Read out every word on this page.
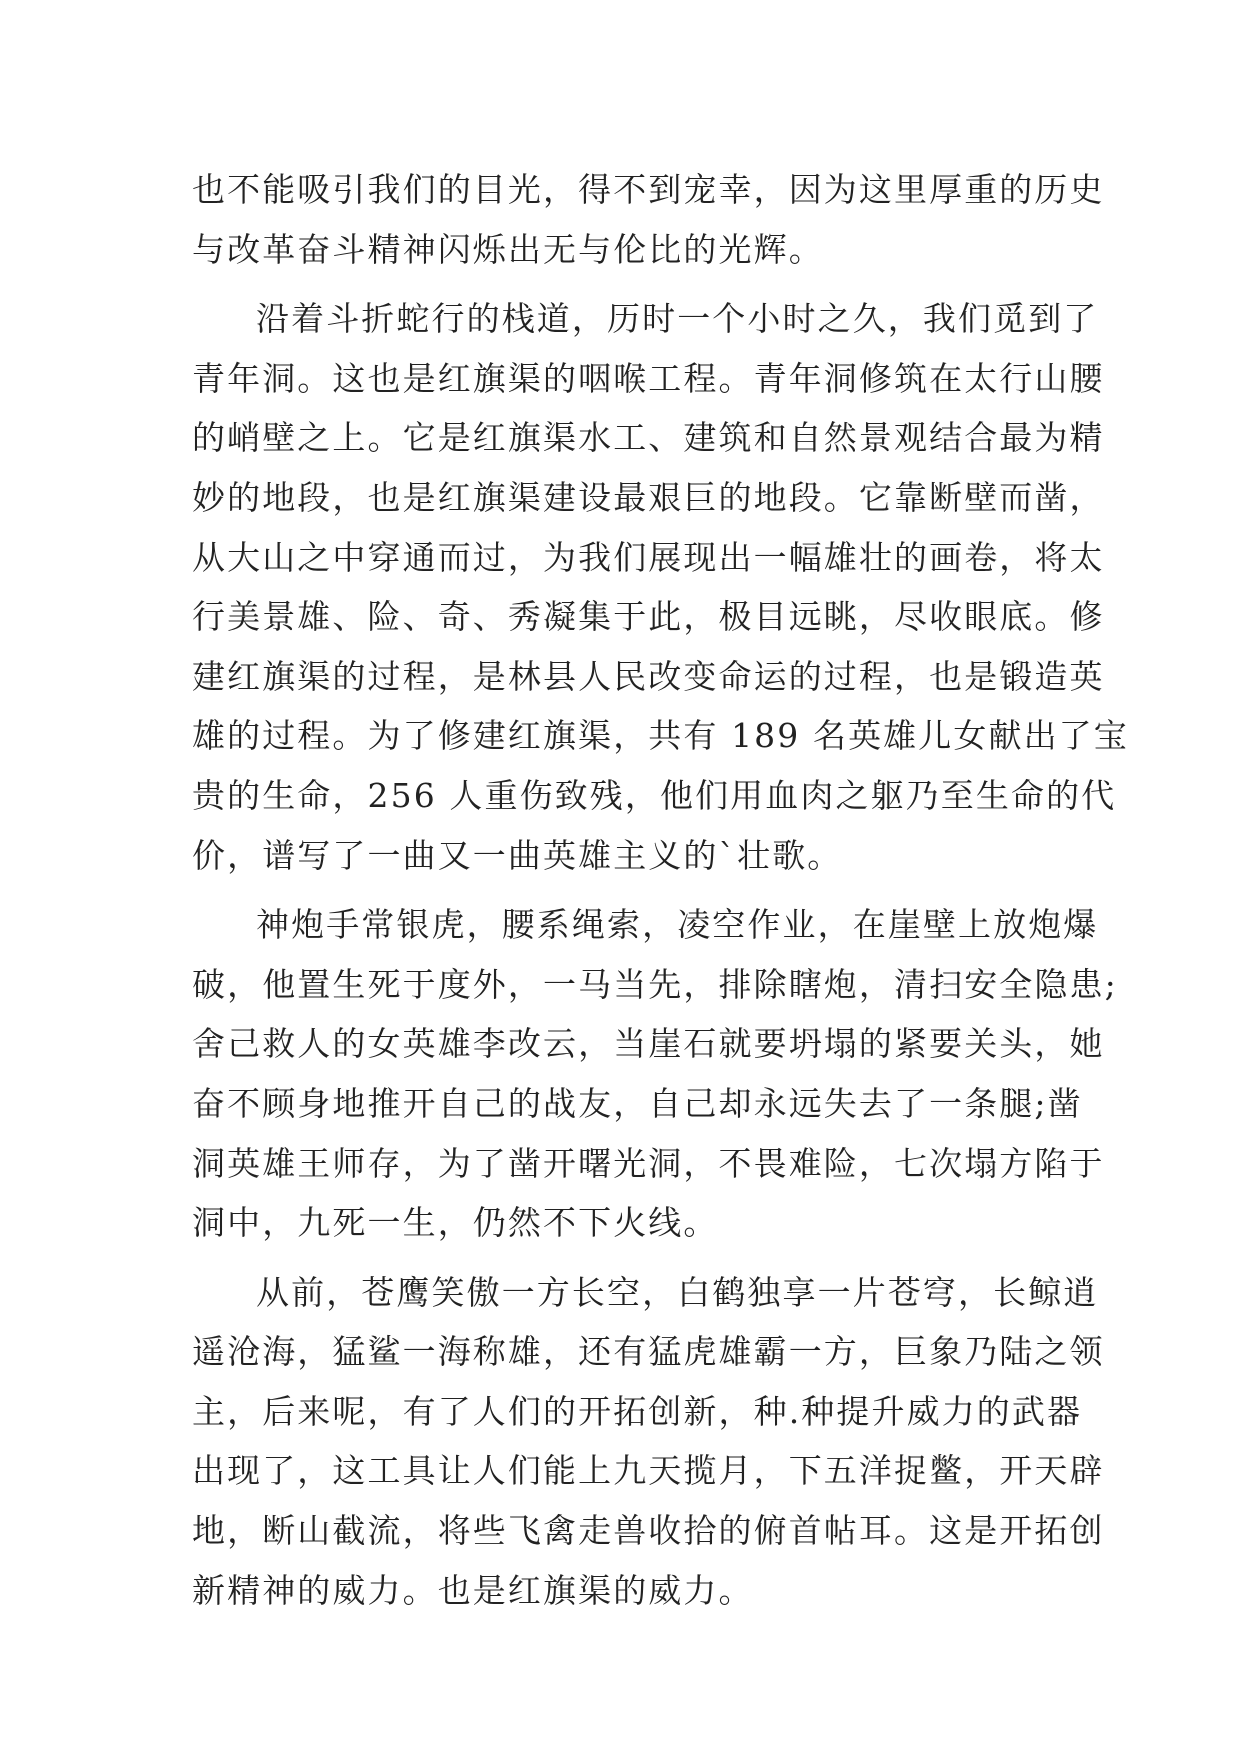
也不能吸引我们的目光，得不到宠幸，因为这里厚重的历史
与改革奋斗精神闪烁出无与伦比的光辉。
沿着斗折蛇行的栈道，历时一个小时之久，我们觅到了
青年洞。这也是红旗渠的咽喉工程。青年洞修筑在太行山腰
的峭壁之上。它是红旗渠水工、建筑和自然景观结合最为精
妙的地段，也是红旗渠建设最艰巨的地段。它靠断壁而凿，
从大山之中穿通而过，为我们展现出一幅雄壮的画卷，将太
行美景雄、险、奇、秀凝集于此，极目远眺，尽收眼底。修
建红旗渠的过程，是林县人民改变命运的过程，也是锻造英
雄的过程。为了修建红旗渠，共有 189 名英雄儿女献出了宝
贵的生命，256 人重伤致残，他们用血肉之躯乃至生命的代
价，谱写了一曲又一曲英雄主义的`壮歌。
神炮手常银虎，腰系绳索，凌空作业，在崖壁上放炮爆
破，他置生死于度外，一马当先，排除瞎炮，清扫安全隐患;
舍己救人的女英雄李改云，当崖石就要坍塌的紧要关头，她
奋不顾身地推开自己的战友，自己却永远失去了一条腿;凿
洞英雄王师存，为了凿开曙光洞，不畏难险，七次塌方陷于
洞中，九死一生，仍然不下火线。
从前，苍鹰笑傲一方长空，白鹤独享一片苍穹，长鲸逍
遥沧海，猛鲨一海称雄，还有猛虎雄霸一方，巨象乃陆之领
主，后来呢，有了人们的开拓创新，种.种提升威力的武器
出现了，这工具让人们能上九天揽月，下五洋捉鳖，开天辟
地，断山截流，将些飞禽走兽收拾的俯首帖耳。这是开拓创
新精神的威力。也是红旗渠的威力。
